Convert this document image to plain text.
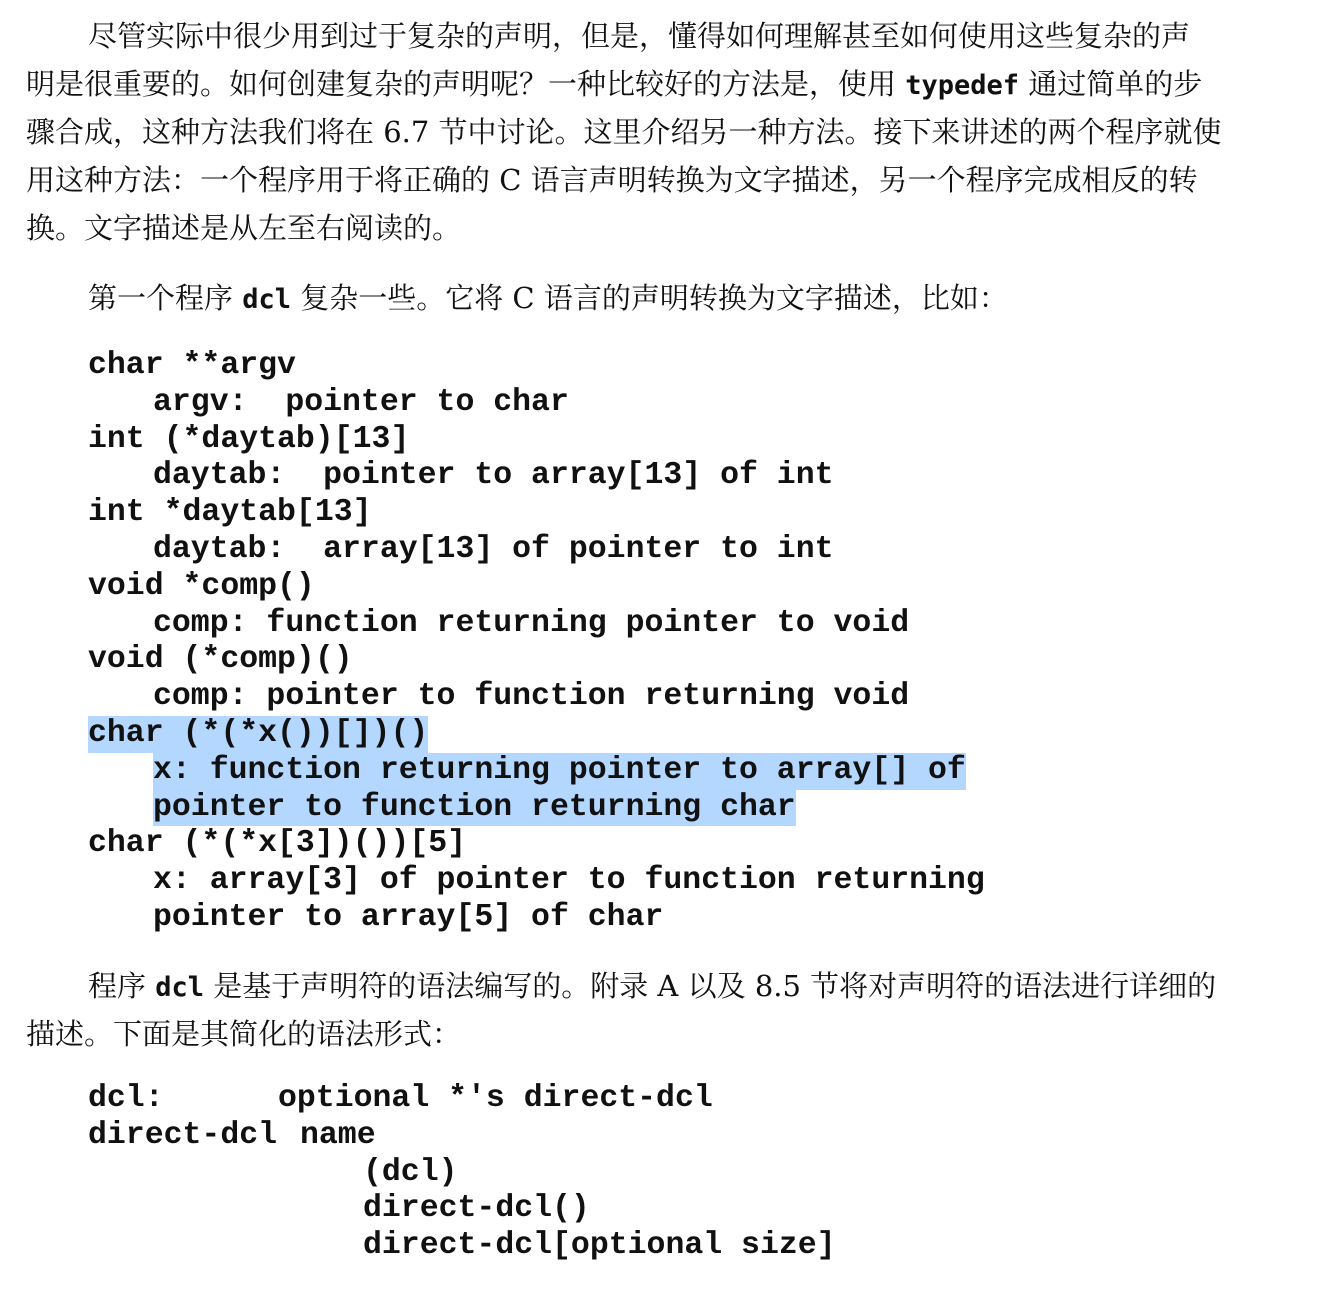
尽管实际中很少用到过于复杂的声明，但是，懂得如何理解甚至如何使用这些复杂的声
明是很重要的。如何创建复杂的声明呢？一种比较好的方法是，使用 typedef 通过简单的步
骤合成，这种方法我们将在 6.7 节中讨论。这里介绍另一种方法。接下来讲述的两个程序就使
用这种方法：一个程序用于将正确的 C 语言声明转换为文字描述，另一个程序完成相反的转
换。文字描述是从左至右阅读的。
第一个程序 dcl 复杂一些。它将 C 语言的声明转换为文字描述，比如：
char **argv
argv:  pointer to char
int (*daytab)[13]
daytab:  pointer to array[13] of int
int *daytab[13]
daytab:  array[13] of pointer to int
void *comp()
comp: function returning pointer to void
void (*comp)()
comp: pointer to function returning void
char (*(*x())[])()
x: function returning pointer to array[] of
pointer to function returning char
char (*(*x[3])())[5]
x: array[3] of pointer to function returning
pointer to array[5] of char
程序 dcl 是基于声明符的语法编写的。附录 A 以及 8.5 节将对声明符的语法进行详细的
描述。下面是其简化的语法形式：
dcl:	optional *'s direct-dcl
direct-dcl name
(dcl)
direct-dcl()
direct-dcl[optional size]
